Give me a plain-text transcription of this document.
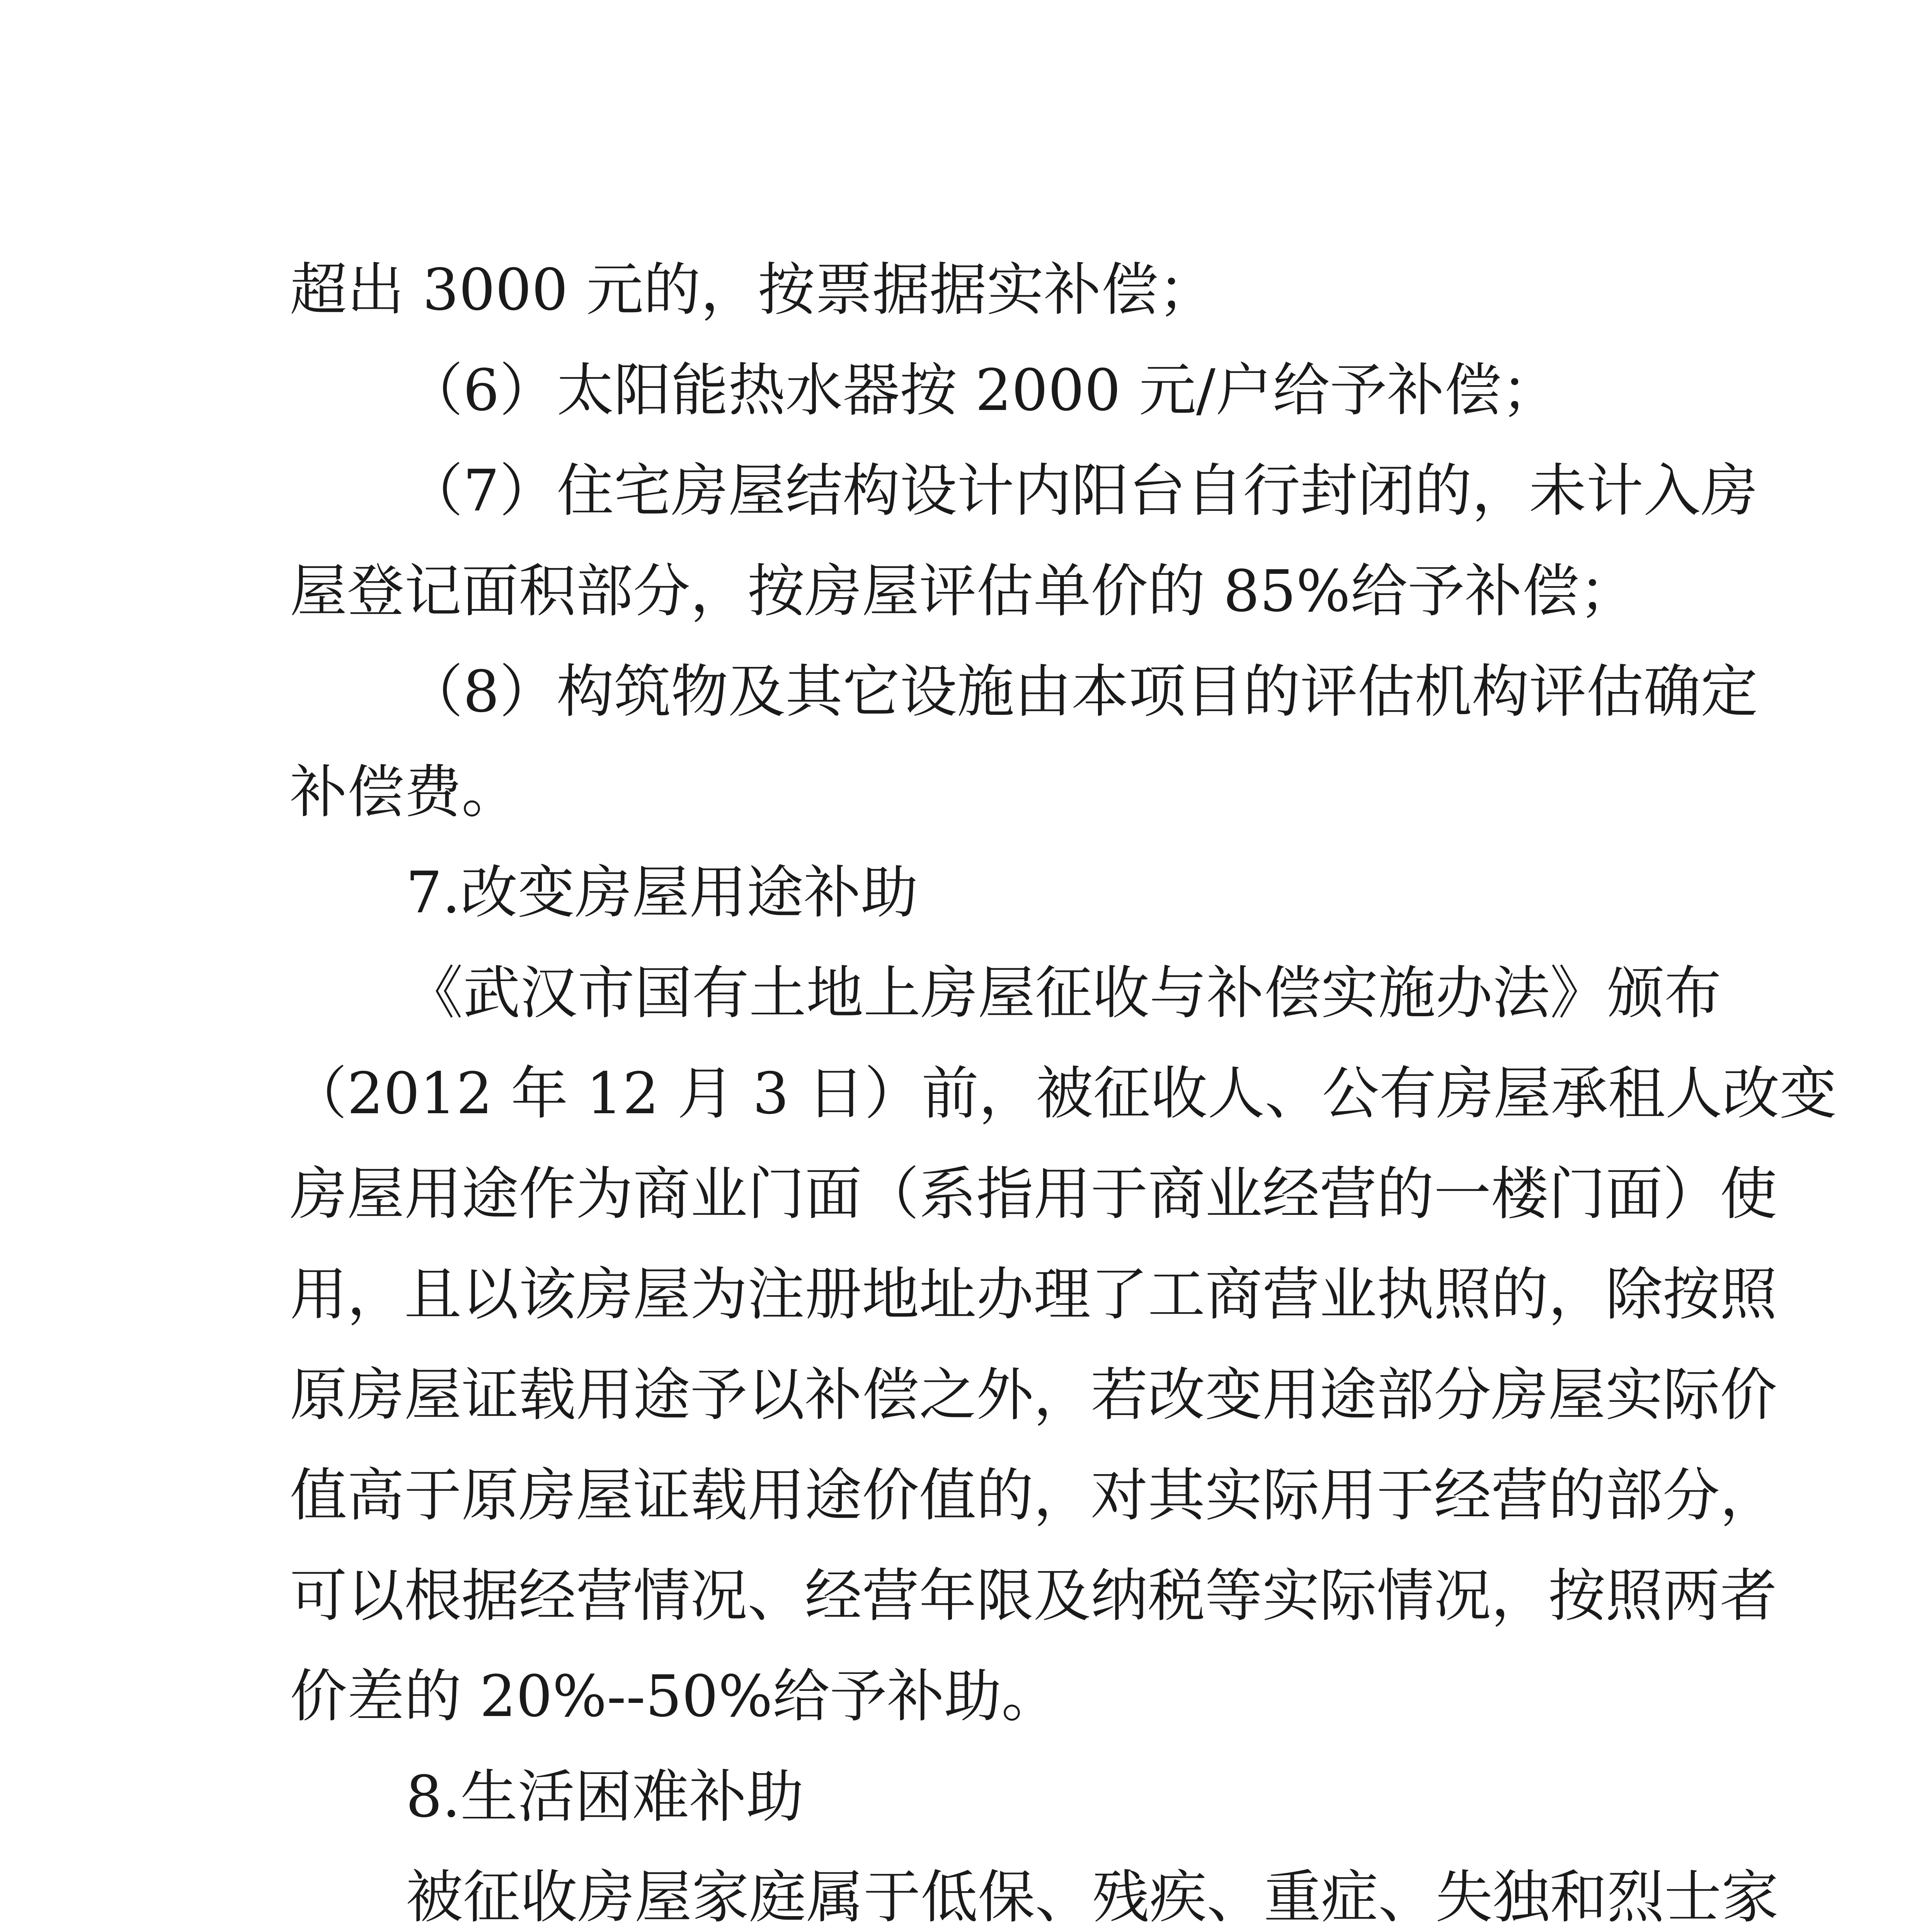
超出 3000 元的，按票据据实补偿；

（6）太阳能热水器按 2000 元/户给予补偿；

（7）住宅房屋结构设计内阳台自行封闭的，未计入房

屋登记面积部分，按房屋评估单价的 85%给予补偿；

（8）构筑物及其它设施由本项目的评估机构评估确定

补偿费。

7.改变房屋用途补助

《武汉市国有土地上房屋征收与补偿实施办法》颁布

（2012 年 12 月 3 日）前，被征收人、公有房屋承租人改变

房屋用途作为商业门面（系指用于商业经营的一楼门面）使

用，且以该房屋为注册地址办理了工商营业执照的，除按照

原房屋证载用途予以补偿之外，若改变用途部分房屋实际价

值高于原房屋证载用途价值的，对其实际用于经营的部分，

可以根据经营情况、经营年限及纳税等实际情况，按照两者

价差的 20%--50%给予补助。

8.生活困难补助

被征收房屋家庭属于低保、残疾、重症、失独和烈士家
